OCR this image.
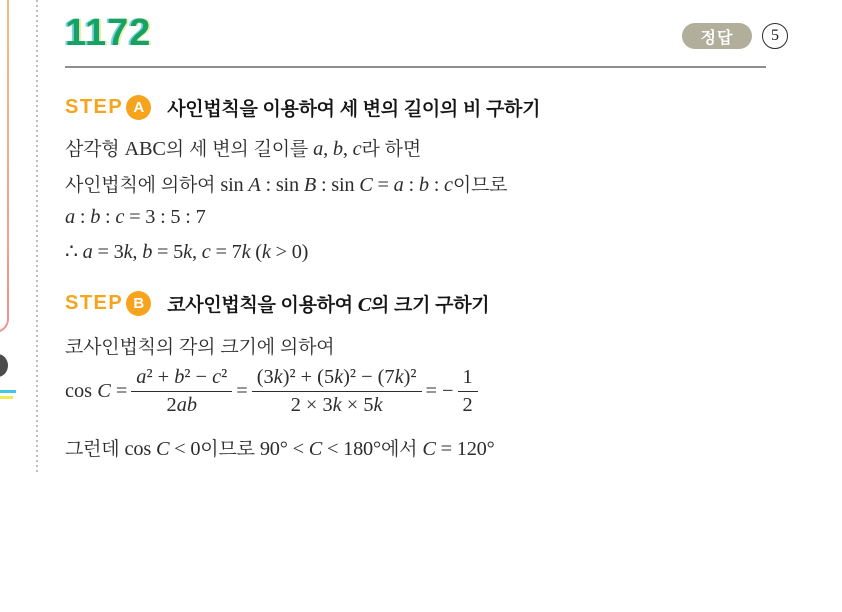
1172	정답	5
STEP A 사인법칙을 이용하여 세 변의 길이의 비 구하기
삼각형 ABC의 세 변의 길이를 a, b, c라 하면
사인법칙에 의하여 sin A : sin B : sin C = a : b : c이므로
a : b : c = 3 : 5 : 7
∴ a = 3k, b = 5k, c = 7k (k > 0)
STEP B 코사인법칙을 이용하여 C의 크기 구하기
코사인법칙의 각의 크기에 의하여
$\cos C = \frac{\text{a² + b² − c²}}{2ab} = \frac{\text{(3k)² + (5k)² − (7k)²}}{2 \times 3k \times 5k}$ = − $\frac{1}{2}$
그런데 cos C < 0이므로 90° < C < 180°에서 C = 120°
